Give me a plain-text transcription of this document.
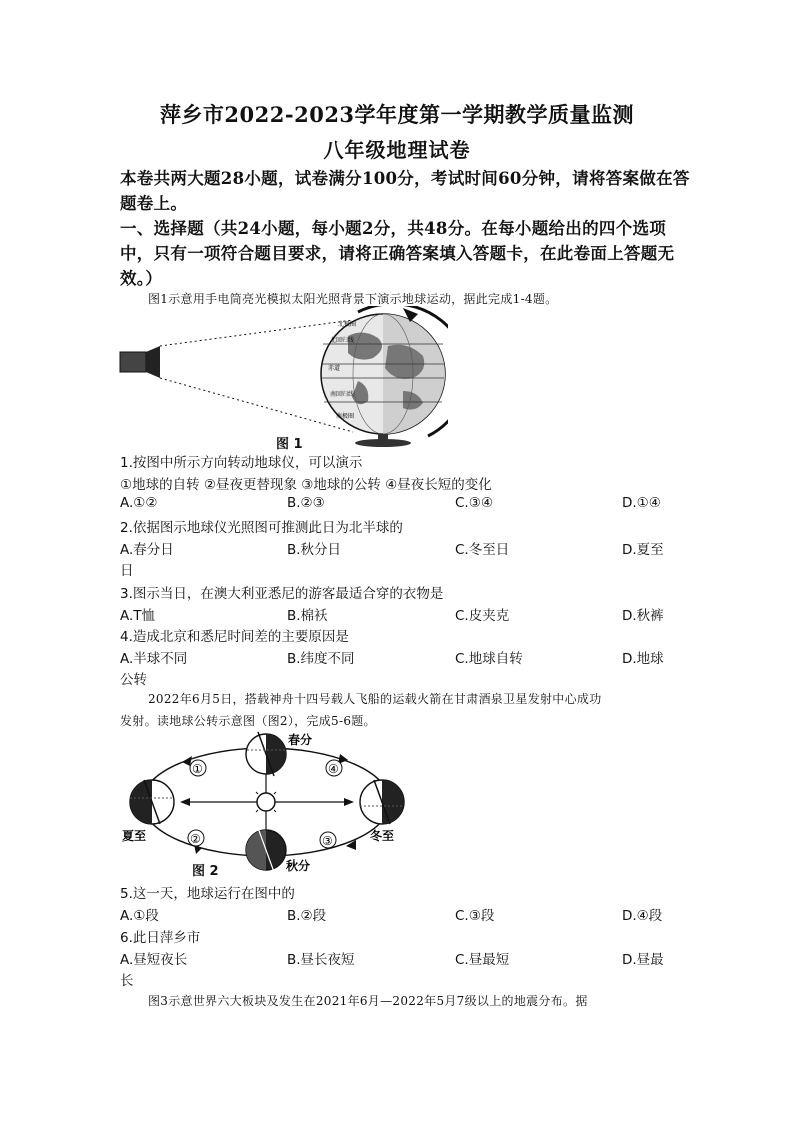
萍乡市2022-2023学年度第一学期教学质量监测
八年级地理试卷
本卷共两大题28小题，试卷满分100分，考试时间60分钟，请将答案做在答
题卷上。
一、选择题（共24小题，每小题2分，共48分。在每小题给出的四个选项
中，只有一项符合题目要求，请将正确答案填入答题卡，在此卷面上答题无
效。）
图1示意用手电筒亮光模拟太阳光照背景下演示地球运动，据此完成1-4题。
北极圈
北回归线
赤道
南回归线
南极圈
图 1
1.按图中所示方向转动地球仪，可以演示
①地球的自转 ②昼夜更替现象 ③地球的公转 ④昼夜长短的变化
A.①②	B.②③	C.③④	D.①④
2.依据图示地球仪光照图可推测此日为北半球的
A.春分日	B.秋分日	C.冬至日	D.夏至
日
3.图示当日，在澳大利亚悉尼的游客最适合穿的衣物是
A.T恤	B.棉袄	C.皮夹克	D.秋裤
4.造成北京和悉尼时间差的主要原因是
A.半球不同	B.纬度不同	C.地球自转	D.地球
公转
2022年6月5日，搭载神舟十四号载人飞船的运载火箭在甘肃酒泉卫星发射中心成功
发射。读地球公转示意图（图2），完成5-6题。
①	④
②	③
春分
夏至
秋分
冬至
图 2
5.这一天，地球运行在图中的
A.①段	B.②段	C.③段	D.④段
6.此日萍乡市
A.昼短夜长	B.昼长夜短	C.昼最短	D.昼最
长
图3示意世界六大板块及发生在2021年6月—2022年5月7级以上的地震分布。据
